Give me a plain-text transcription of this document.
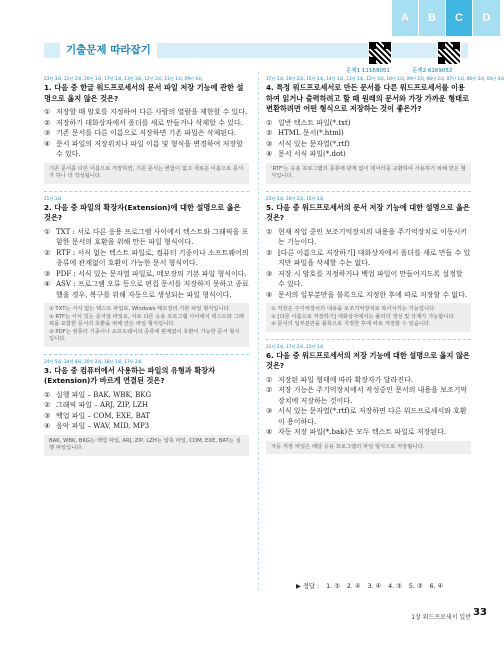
A	B	C	D
기출문제 따라잡기
문제1 11169051	문제2 6169052
23년 3회, 21년 2회, 20년 1회, 17년 1회, 13년 3회, 12년 2회, 11년 1회, 09년 4회
1. 다음 중 한글 워드프로세서의 문서 파일 저장 기능에 관한 설명으로 옳지 않은 것은?
① 저장할 때 암호를 지정하여 다른 사람의 열람을 제한할 수 있다.
② 저장하기 대화상자에서 폴더를 새로 만들거나 삭제할 수 있다.
③ 기존 문서를 다른 이름으로 저장하면 기존 파일은 삭제된다.
④ 문서 파일의 저장위치나 파일 이름 및 형식을 변경하여 저장할 수 있다.
기존 문서를 다른 이름으로 저장하면, 기존 문서는 변함이 없고 새로운 이름으로 문서가 하나 더 작성됩니다.
21년 1회
2. 다음 중 파일의 확장자(Extension)에 대한 설명으로 옳은 것은?
① TXT : 서로 다른 응용 프로그램 사이에서 텍스트와 그래픽을 포함한 문서의 호환을 위해 만든 파일 형식이다.
② RTF : 서식 없는 텍스트 파일로, 컴퓨터 기종이나 소프트웨어의 종류에 관계없이 호환이 가능한 문서 형식이다.
③ PDF : 서식 있는 문자열 파일로, 메모장의 기본 파일 형식이다.
④ ASV : 프로그램 오류 등으로 편집 문서를 저장하지 못하고 종료했을 경우, 복구를 위해 자동으로 생성되는 파일 형식이다.
① TXT는 서식 없는 텍스트 파일로, Windows 메모장의 기본 파일 형식입니다.
② RTF는 서식 있는 문자열 파일로, 서로 다른 응용 프로그램 사이에서 텍스트와 그래픽을 포함한 문서의 호환을 위해 만든 파일 형식입니다.
③ PDF는 컴퓨터 기종이나 소프트웨어의 종류에 관계없이 호환이 가능한 문서 형식입니다.
24년 5회, 24년 4회, 20년 2회, 18년 1회, 17년 2회
3. 다음 중 컴퓨터에서 사용하는 파일의 유형과 확장자(Extension)가 바르게 연결된 것은?
① 실행 파일 – BAK, WBK, BKG
② 그래픽 파일 – ARJ, ZIP, LZH
③ 백업 파일 – COM, EXE, BAT
④ 음악 파일 – WAV, MID, MP3
BAK, WBK, BKG는 백업 파일, ARJ, ZIP, LZH는 압축 파일, COM, EXE, BAT는 실행 파일입니다.
17년 1회, 16년 2회, 15년 3회, 14년 1회, 13년 1회, 12년 3회, 10년 1회, 09년 2회, 08년 2회, 07년 1회, 06년 3회, 04년 4회
4. 특정 워드프로세서로 만든 문서를 다른 워드프로세서를 이용하여 읽거나 출력하려고 할 때 원래의 문서와 가장 가까운 형태로 변환하려면 어떤 형식으로 저장하는 것이 좋은가?
① 일반 텍스트 파일(*.txt)
② HTML 문서(*.html)
③ 서식 있는 문자열(*.rtf)
④ 문서 서식 파일(*.dot)
'RTF'는 응용 프로그램의 종류에 관계 없이 데이터를 교환하여 사용하기 위해 만든 형식입니다.
23년 3회, 16년 2회, 15년 3회
5. 다음 중 워드프로세서의 문서 저장 기능에 대한 설명으로 옳은 것은?
① 현재 작업 중인 보조기억장치의 내용을 주기억장치로 이동시키는 기능이다.
② [다른 이름으로 저장하기] 대화상자에서 폴더를 새로 만들 수 있지만 파일을 삭제할 수는 없다.
③ 저장 시 암호를 지정하거나 백업 파일이 만들어지도록 설정할 수 있다.
④ 문서의 일부분만을 블록으로 지정한 후에 따로 저장할 수 없다.
① 저장은 주기억장치의 내용을 보조기억장치로 복사시키는 기능입니다.
② [다른 이름으로 저장하기] 대화상자에서는 폴더의 생성 및 삭제가 가능합니다.
④ 문서의 일부분만을 블록으로 지정한 후에 따로 저장할 수 있습니다.
21년 2회, 17년 2회, 15년 1회
6. 다음 중 워드프로세서의 저장 기능에 대한 설명으로 옳지 않은 것은?
① 저장된 파일 형태에 따라 확장자가 달라진다.
② 저장 기능은 주기억장치에서 작성중인 문서의 내용을 보조기억장치에 저장하는 것이다.
③ 서식 있는 문자열(*.rtf)로 저장하면 다른 워드프로세서와 호환이 용이하다.
④ 자동 저장 파일(*.bak)은 모두 텍스트 파일로 저장된다.
자동 저장 파일은 해당 응용 프로그램의 파일 형식으로 저장됩니다.
▶ 정답 : 1. ③ 2. ④ 3. ④ 4. ③ 5. ③ 6. ④
1장 워드프로세서 일반 33
